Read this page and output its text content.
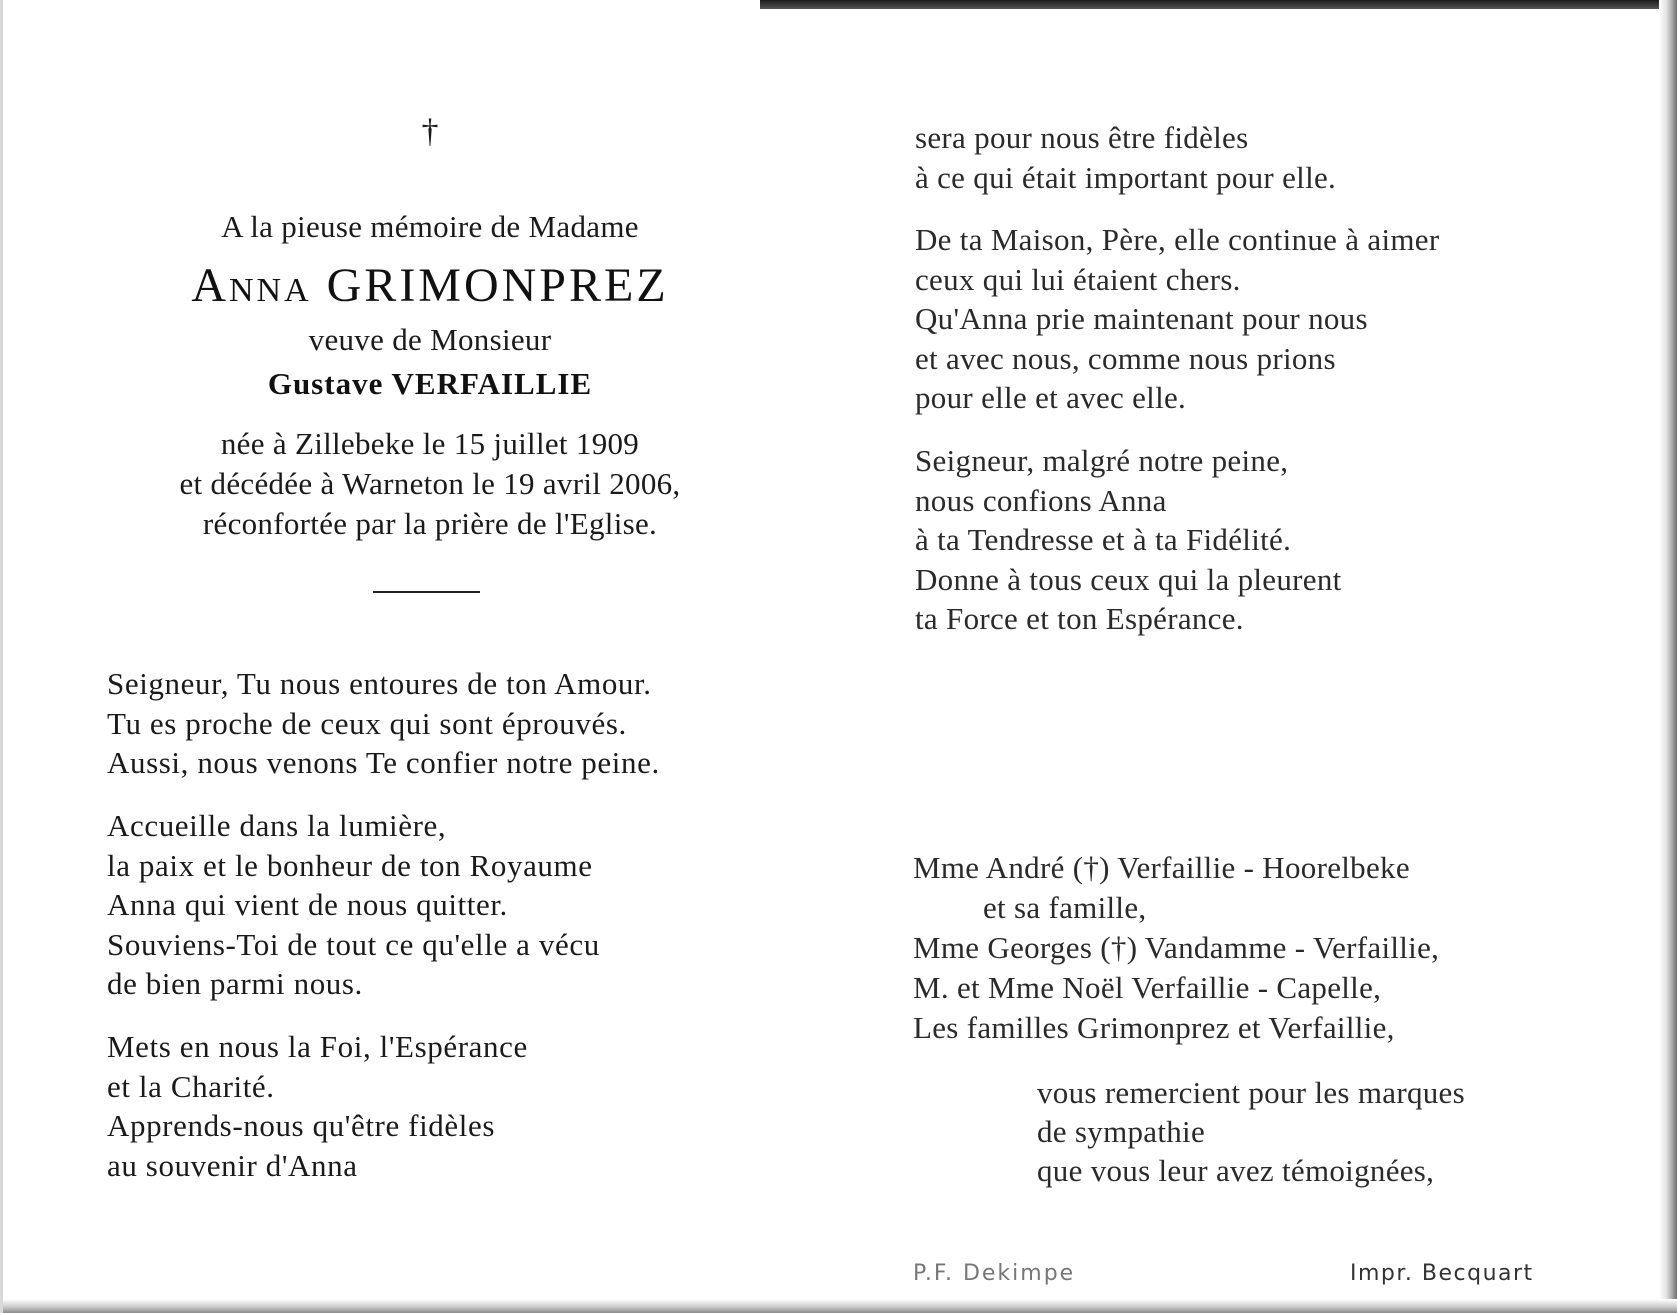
†
A la pieuse mémoire de Madame
Anna GRIMONPREZ
veuve de Monsieur
Gustave VERFAILLIE
née à Zillebeke le 15 juillet 1909
et décédée à Warneton le 19 avril 2006,
réconfortée par la prière de l'Eglise.
Seigneur, Tu nous entoures de ton Amour.
Tu es proche de ceux qui sont éprouvés.
Aussi, nous venons Te confier notre peine.
Accueille dans la lumière,
la paix et le bonheur de ton Royaume
Anna qui vient de nous quitter.
Souviens-Toi de tout ce qu'elle a vécu
de bien parmi nous.
Mets en nous la Foi, l'Espérance
et la Charité.
Apprends-nous qu'être fidèles
au souvenir d'Anna
sera pour nous être fidèles
à ce qui était important pour elle.
De ta Maison, Père, elle continue à aimer
ceux qui lui étaient chers.
Qu'Anna prie maintenant pour nous
et avec nous, comme nous prions
pour elle et avec elle.
Seigneur, malgré notre peine,
nous confions Anna
à ta Tendresse et à ta Fidélité.
Donne à tous ceux qui la pleurent
ta Force et ton Espérance.
Mme André (†) Verfaillie - Hoorelbeke
et sa famille,
Mme Georges (†) Vandamme - Verfaillie,
M. et Mme Noël Verfaillie - Capelle,
Les familles Grimonprez et Verfaillie,
vous remercient pour les marques
de sympathie
que vous leur avez témoignées,
P.F. Dekimpe	Impr. Becquart
